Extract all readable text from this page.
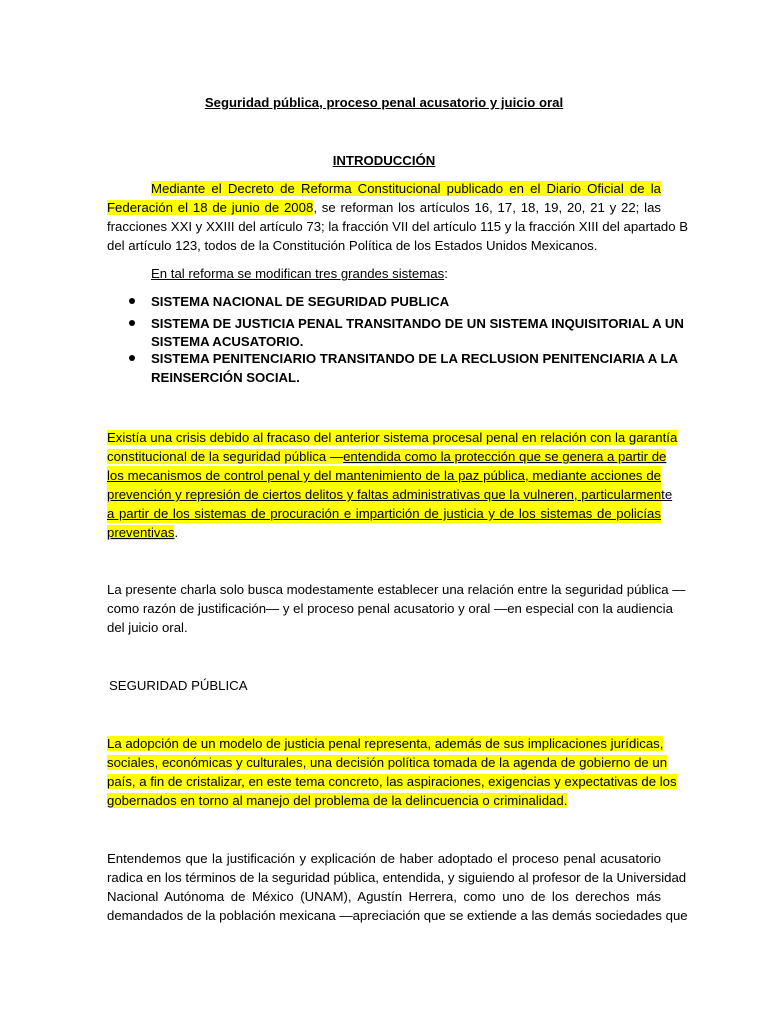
Seguridad pública, proceso penal acusatorio y juicio oral
INTRODUCCIÓN
Mediante el Decreto de Reforma Constitucional publicado en el Diario Oficial de la
Federación el 18 de junio de 2008, se reforman los artículos 16, 17, 18, 19, 20, 21 y 22; las
fracciones XXI y XXIII del artículo 73; la fracción VII del artículo 115 y la fracción XIII del apartado B
del artículo 123, todos de la Constitución Política de los Estados Unidos Mexicanos.
En tal reforma se modifican tres grandes sistemas:
SISTEMA NACIONAL DE SEGURIDAD PUBLICA
SISTEMA DE JUSTICIA PENAL TRANSITANDO DE UN SISTEMA INQUISITORIAL A UN
SISTEMA ACUSATORIO.
SISTEMA PENITENCIARIO TRANSITANDO DE LA RECLUSION PENITENCIARIA A LA
REINSERCIÓN SOCIAL.
Existía una crisis debido al fracaso del anterior sistema procesal penal en relación con la garantía
constitucional de la seguridad pública —entendida como la protección que se genera a partir de
los mecanismos de control penal y del mantenimiento de la paz pública, mediante acciones de
prevención y represión de ciertos delitos y faltas administrativas que la vulneren, particularmente
a partir de los sistemas de procuración e impartición de justicia y de los sistemas de policías
preventivas.
La presente charla solo busca modestamente establecer una relación entre la seguridad pública —
como razón de justificación— y el proceso penal acusatorio y oral —en especial con la audiencia
del juicio oral.
SEGURIDAD PÚBLICA
La adopción de un modelo de justicia penal representa, además de sus implicaciones jurídicas,
sociales, económicas y culturales, una decisión política tomada de la agenda de gobierno de un
país, a fin de cristalizar, en este tema concreto, las aspiraciones, exigencias y expectativas de los
gobernados en torno al manejo del problema de la delincuencia o criminalidad.
Entendemos que la justificación y explicación de haber adoptado el proceso penal acusatorio
radica en los términos de la seguridad pública, entendida, y siguiendo al profesor de la Universidad
Nacional Autónoma de México (UNAM), Agustín Herrera, como uno de los derechos más
demandados de la población mexicana —apreciación que se extiende a las demás sociedades que
